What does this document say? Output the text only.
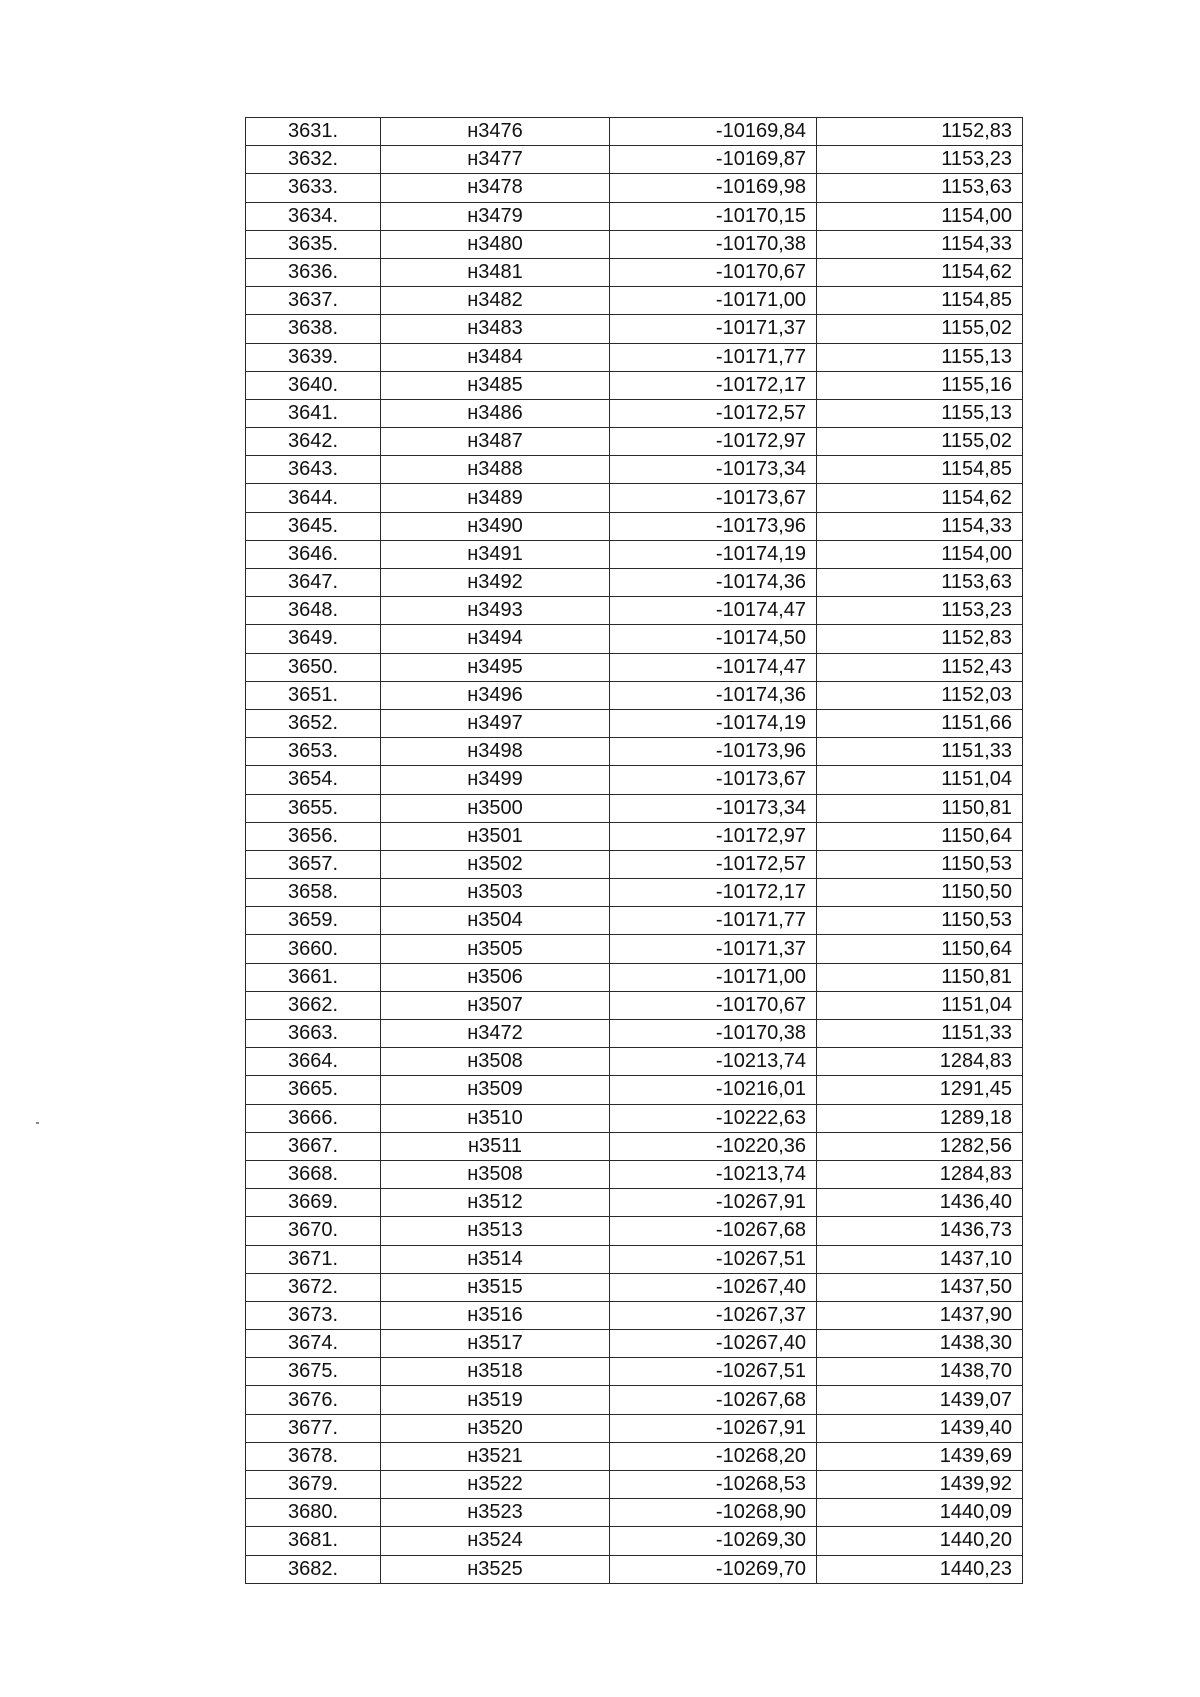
3631.	н3476	-10169,84	1152,83
3632.	н3477	-10169,87	1153,23
3633.	н3478	-10169,98	1153,63
3634.	н3479	-10170,15	1154,00
3635.	н3480	-10170,38	1154,33
3636.	н3481	-10170,67	1154,62
3637.	н3482	-10171,00	1154,85
3638.	н3483	-10171,37	1155,02
3639.	н3484	-10171,77	1155,13
3640.	н3485	-10172,17	1155,16
3641.	н3486	-10172,57	1155,13
3642.	н3487	-10172,97	1155,02
3643.	н3488	-10173,34	1154,85
3644.	н3489	-10173,67	1154,62
3645.	н3490	-10173,96	1154,33
3646.	н3491	-10174,19	1154,00
3647.	н3492	-10174,36	1153,63
3648.	н3493	-10174,47	1153,23
3649.	н3494	-10174,50	1152,83
3650.	н3495	-10174,47	1152,43
3651.	н3496	-10174,36	1152,03
3652.	н3497	-10174,19	1151,66
3653.	н3498	-10173,96	1151,33
3654.	н3499	-10173,67	1151,04
3655.	н3500	-10173,34	1150,81
3656.	н3501	-10172,97	1150,64
3657.	н3502	-10172,57	1150,53
3658.	н3503	-10172,17	1150,50
3659.	н3504	-10171,77	1150,53
3660.	н3505	-10171,37	1150,64
3661.	н3506	-10171,00	1150,81
3662.	н3507	-10170,67	1151,04
3663.	н3472	-10170,38	1151,33
3664.	н3508	-10213,74	1284,83
3665.	н3509	-10216,01	1291,45
3666.	н3510	-10222,63	1289,18
3667.	н3511	-10220,36	1282,56
3668.	н3508	-10213,74	1284,83
3669.	н3512	-10267,91	1436,40
3670.	н3513	-10267,68	1436,73
3671.	н3514	-10267,51	1437,10
3672.	н3515	-10267,40	1437,50
3673.	н3516	-10267,37	1437,90
3674.	н3517	-10267,40	1438,30
3675.	н3518	-10267,51	1438,70
3676.	н3519	-10267,68	1439,07
3677.	н3520	-10267,91	1439,40
3678.	н3521	-10268,20	1439,69
3679.	н3522	-10268,53	1439,92
3680.	н3523	-10268,90	1440,09
3681.	н3524	-10269,30	1440,20
3682.	н3525	-10269,70	1440,23
